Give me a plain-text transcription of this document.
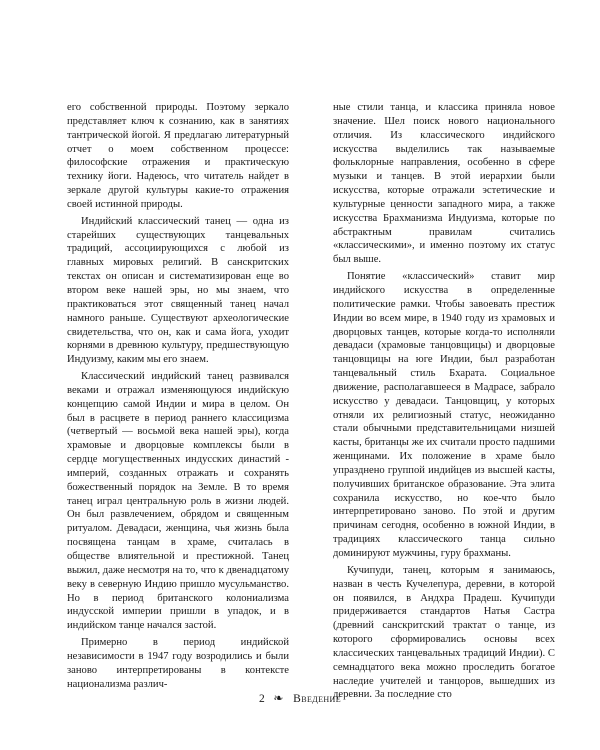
его собственной природы. Поэтому зеркало представляет ключ к сознанию, как в занятиях тантрической йогой. Я предлагаю литературный отчет о моем собственном процессе: философские отражения и практическую технику йоги. Надеюсь, что читатель найдет в зеркале другой культуры какие-то отражения своей истинной природы.

Индийский классический танец — одна из старейших существующих танцевальных традиций, ассоциирующихся с любой из главных мировых религий. В санскритских текстах он описан и систематизирован еще во втором веке нашей эры, но мы знаем, что практиковаться этот священный танец начал намного раньше. Существуют археологические свидетельства, что он, как и сама йога, уходит корнями в древнюю культуру, предшествующую Индуизму, каким мы его знаем.

Классический индийский танец развивался веками и отражал изменяющуюся индийскую концепцию самой Индии и мира в целом. Он был в расцвете в период раннего классицизма (четвертый — восьмой века нашей эры), когда храмовые и дворцовые комплексы были в сердце могущественных индусских династий - империй, созданных отражать и сохранять божественный порядок на Земле. В то время танец играл центральную роль в жизни людей. Он был развлечением, обрядом и священным ритуалом. Девадаси, женщина, чья жизнь была посвящена танцам в храме, считалась в обществе влиятельной и престижной. Танец выжил, даже несмотря на то, что к двенадцатому веку в северную Индию пришло мусульманство. Но в период британского колониализма индусской империи пришли в упадок, и в индийском танце начался застой.

Примерно в период индийской независимости в 1947 году возродились и были заново интерпретированы в контексте национализма различ-

ные стили танца, и классика приняла новое значение. Шел поиск нового национального отличия. Из классического индийского искусства выделились так называемые фольклорные направления, особенно в сфере музыки и танцев. В этой иерархии были искусства, которые отражали эстетические и культурные ценности западного мира, а также искусства Брахманизма Индуизма, которые по абстрактным правилам считались «классическими», и именно поэтому их статус был выше.

Понятие «классический» ставит мир индийского искусства в определенные политические рамки. Чтобы завоевать престиж Индии во всем мире, в 1940 году из храмовых и дворцовых танцев, которые когда-то исполняли девадаси (храмовые танцовщицы) и дворцовые танцовщицы на юге Индии, был разработан танцевальный стиль Бхарата. Социальное движение, располагавшееся в Мадрасе, забрало искусство у девадаси. Танцовщиц, у которых отняли их религиозный статус, неожиданно стали обычными представительницами низшей касты, британцы же их считали просто падшими женщинами. Их положение в храме было упразднено группой индийцев из высшей касты, получивших британское образование. Эта элита сохранила искусство, но кое-что было интерпретировано заново. По этой и другим причинам сегодня, особенно в южной Индии, в традициях классического танца сильно доминируют мужчины, гуру брахманы.

Кучипуди, танец, которым я занимаюсь, назван в честь Кучелепура, деревни, в которой он появился, в Андхра Прадеш. Кучипуди придерживается стандартов Натья Састра (древний санскритский трактат о танце, из которого сформировались основы всех классических танцевальных традиций Индии). С семнадцатого века можно проследить богатое наследие учителей и танцоров, вышедших из деревни. За последние сто

2 ❧ Введение
